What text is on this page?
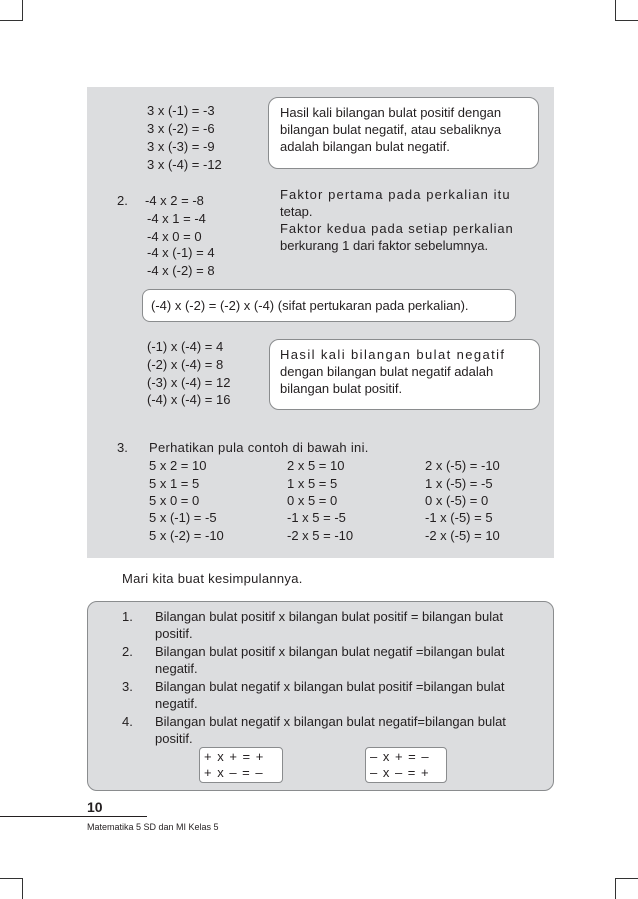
3 x (-1) = -3
3 x (-2) = -6
3 x (-3) = -9
3 x (-4) = -12
Hasil kali bilangan bulat positif dengan
bilangan bulat negatif, atau sebaliknya
adalah bilangan bulat negatif.
2. -4 x 2 = -8
-4 x 1 = -4
-4 x 0 = 0
-4 x (-1) = 4
-4 x (-2) = 8
Faktor pertama pada perkalian itu
tetap.
Faktor kedua pada setiap perkalian
berkurang 1 dari faktor sebelumnya.
(-4) x (-2) = (-2) x (-4) (sifat pertukaran pada perkalian).
(-1) x (-4) = 4
(-2) x (-4) = 8
(-3) x (-4) = 12
(-4) x (-4) = 16
Hasil kali bilangan bulat negatif
dengan bilangan bulat negatif adalah
bilangan bulat positif.
3. Perhatikan pula contoh di bawah ini.
5 x 2 = 10
5 x 1 = 5
5 x 0 = 0
5 x (-1) = -5
5 x (-2) = -10
2 x 5 = 10
1 x 5 = 5
0 x 5 = 0
-1 x 5 = -5
-2 x 5 = -10
2 x (-5) = -10
1 x (-5) = -5
0 x (-5) = 0
-1 x (-5) = 5
-2 x (-5) = 10
Mari kita buat kesimpulannya.
1. Bilangan bulat positif x bilangan bulat positif = bilangan bulat
positif.
2. Bilangan bulat positif x bilangan bulat negatif =bilangan bulat
negatif.
3. Bilangan bulat negatif x bilangan bulat positif =bilangan bulat
negatif.
4. Bilangan bulat negatif x bilangan bulat negatif=bilangan bulat
positif.
+ x + = +
+ x – = –
– x + = –
– x – = +
10
Matematika 5 SD dan MI Kelas 5
